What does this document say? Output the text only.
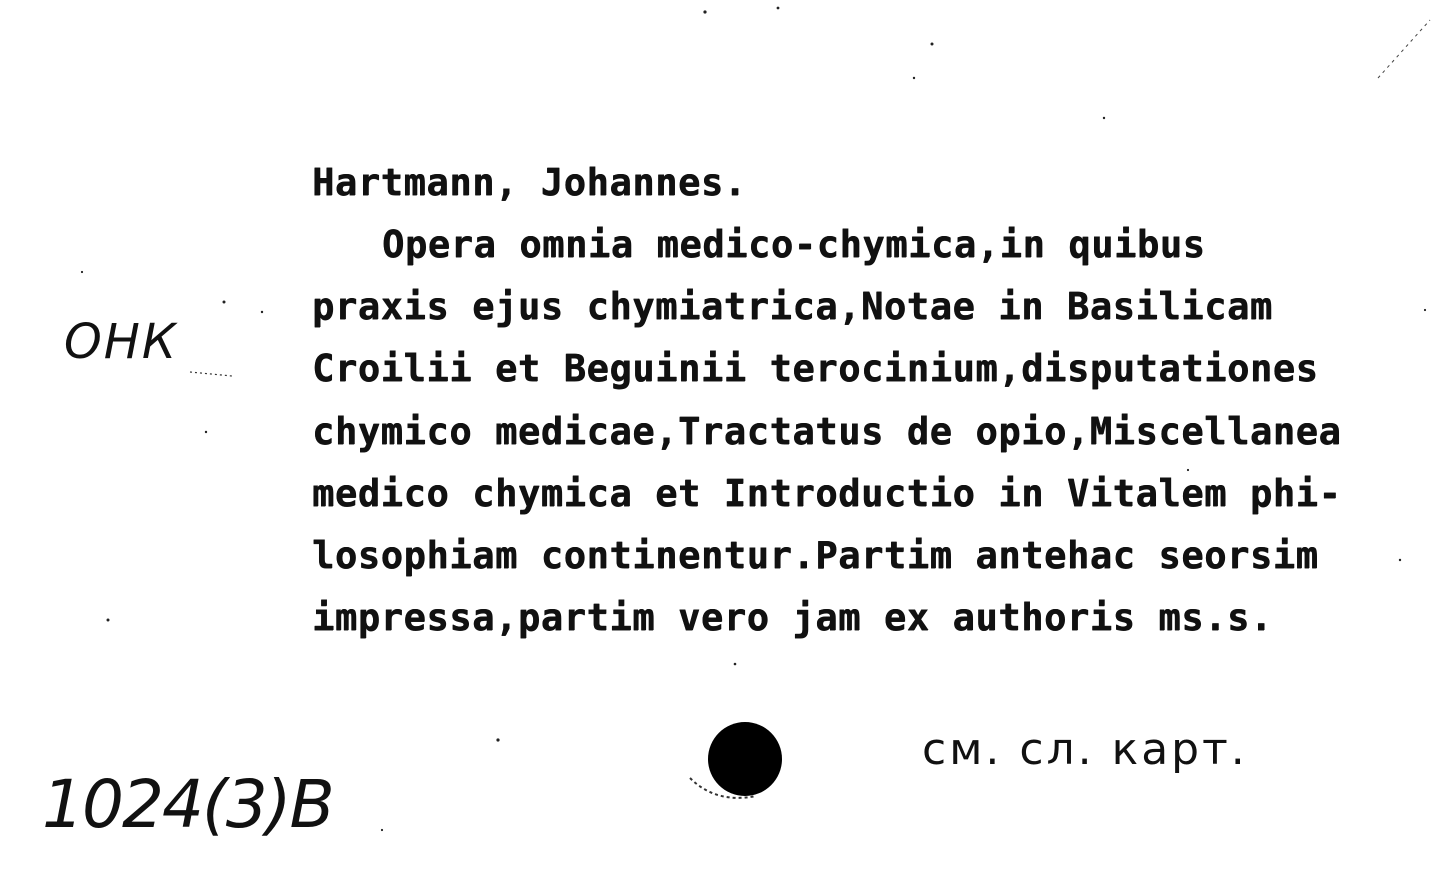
Hartmann, Johannes.
Opera omnia medico-chymica,in quibus
praxis ejus chymiatrica,Notae in Basilicam
Croilii et Beguinii terocinium,disputationes
chymico medicae,Tractatus de opio,Miscellanea
medico chymica et Introductio in Vitalem phi-
losophiam continentur.Partim antehac seorsim
impressa,partim vero jam ex authoris ms.s.
ОНК
1024(3)B
см. сл. карт.
